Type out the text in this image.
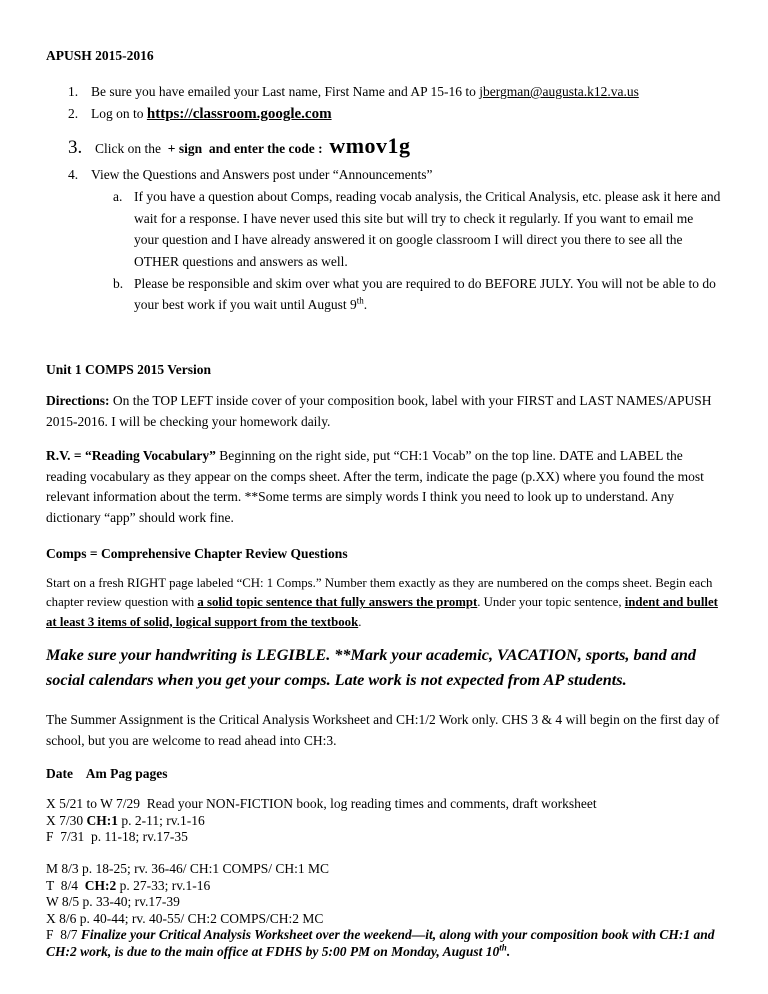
APUSH 2015-2016
1. Be sure you have emailed your Last name, First Name and AP 15-16 to jbergman@augusta.k12.va.us
2. Log on to https://classroom.google.com
3. Click on the  + sign  and enter the code :  wmov1g
4. View the Questions and Answers post under “Announcements”
a. If you have a question about Comps, reading vocab analysis, the Critical Analysis, etc. please ask it here and wait for a response. I have never used this site but will try to check it regularly. If you want to email me your question and I have already answered it on google classroom I will direct you there to see all the OTHER questions and answers as well.
b. Please be responsible and skim over what you are required to do BEFORE JULY. You will not be able to do your best work if you wait until August 9th.
Unit 1 COMPS 2015 Version

Directions: On the TOP LEFT inside cover of your composition book, label with your FIRST and LAST NAMES/APUSH 2015-2016. I will be checking your homework daily.

R.V. = “Reading Vocabulary” Beginning on the right side, put “CH:1 Vocab” on the top line. DATE and LABEL the reading vocabulary as they appear on the comps sheet. After the term, indicate the page (p.XX) where you found the most relevant information about the term. **Some terms are simply words I think you need to look up to understand. Any dictionary “app” should work fine.

Comps = Comprehensive Chapter Review Questions

Start on a fresh RIGHT page labeled “CH: 1 Comps.” Number them exactly as they are numbered on the comps sheet. Begin each chapter review question with a solid topic sentence that fully answers the prompt. Under your topic sentence, indent and bullet at least 3 items of solid, logical support from the textbook.

Make sure your handwriting is LEGIBLE. **Mark your academic, VACATION, sports, band and social calendars when you get your comps. Late work is not expected from AP students.

The Summer Assignment is the Critical Analysis Worksheet and CH:1/2 Work only. CHS 3 & 4 will begin on the first day of school, but you are welcome to read ahead into CH:3.

Date    Am Pag pages
X 5/21 to W 7/29  Read your NON-FICTION book, log reading times and comments, draft worksheet
X 7/30 CH:1 p. 2-11; rv.1-16
F  7/31  p. 11-18; rv.17-35
M 8/3 p. 18-25; rv. 36-46/ CH:1 COMPS/ CH:1 MC
T  8/4  CH:2 p. 27-33; rv.1-16
W 8/5 p. 33-40; rv.17-39
X 8/6 p. 40-44; rv. 40-55/ CH:2 COMPS/CH:2 MC
F  8/7 Finalize your Critical Analysis Worksheet over the weekend—it, along with your composition book with CH:1 and CH:2 work, is due to the main office at FDHS by 5:00 PM on Monday, August 10th.
